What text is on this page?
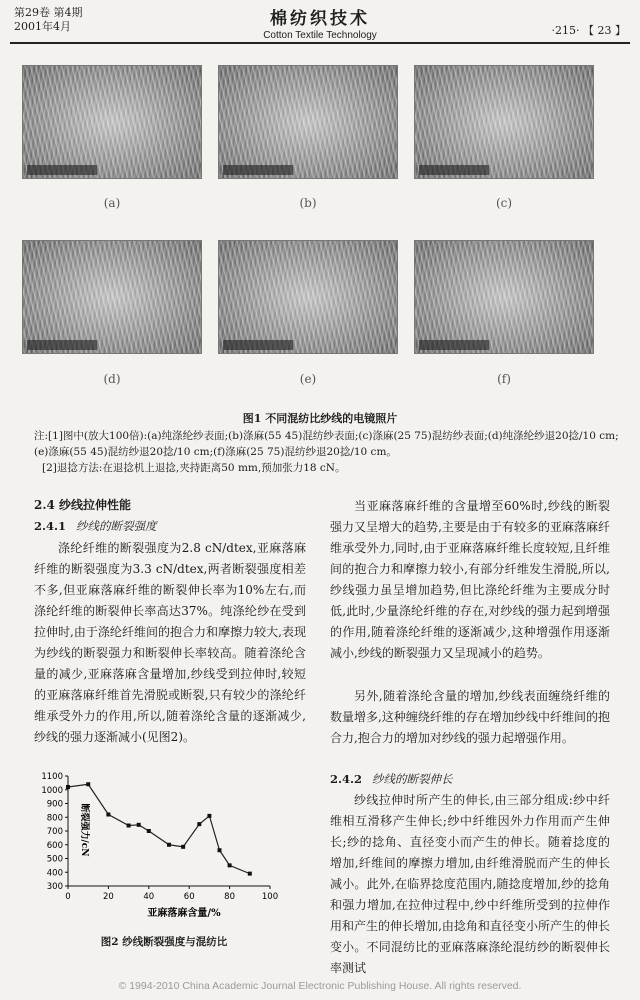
第29卷 第4期
2001年4月	棉纺织技术
Cotton Textile Technology	·215· 【 23 】
(a)	(b)	(c)
(d)	(e)	(f)
图1 不同混纺比纱线的电镜照片
注:[1]图中(放大100倍):(a)纯涤纶纱表面;(b)涤麻(55 45)混纺纱表面;(c)涤麻(25 75)混纺纱表面;(d)纯涤纶纱退20捻/10 cm;(e)涤麻(55 45)混纺纱退20捻/10 cm;(f)涤麻(25 75)混纺纱退20捻/10 cm。
[2]退捻方法:在退捻机上退捻,夹持距离50 mm,预加张力18 cN。
2.4 纱线拉伸性能
2.4.1 纱线的断裂强度
涤纶纤维的断裂强度为2.8 cN/dtex,亚麻落麻纤维的断裂强度为3.3 cN/dtex,两者断裂强度相差不多,但亚麻落麻纤维的断裂伸长率为10%左右,而涤纶纤维的断裂伸长率高达37%。纯涤纶纱在受到拉伸时,由于涤纶纤维间的抱合力和摩擦力较大,表现为纱线的断裂强力和断裂伸长率较高。随着涤纶含量的减少,亚麻落麻含量增加,纱线受到拉伸时,较短的亚麻落麻纤维首先滑脱或断裂,只有较少的涤纶纤维承受外力的作用,所以,随着涤纶含量的逐渐减少,纱线的强力逐渐减小(见图2)。
300
400
500
600
700
800
900
1000
1100
0	20	40	60	80	100
断裂强力/cN
亚麻落麻含量/%
图2 纱线断裂强度与混纺比
当亚麻落麻纤维的含量增至60%时,纱线的断裂强力又呈增大的趋势,主要是由于有较多的亚麻落麻纤维承受外力,同时,由于亚麻落麻纤维长度较短,且纤维间的抱合力和摩擦力较小,有部分纤维发生滑脱,所以,纱线强力虽呈增加趋势,但比涤纶纤维为主要成分时低,此时,少量涤纶纤维的存在,对纱线的强力起到增强的作用,随着涤纶纤维的逐渐减少,这种增强作用逐渐减小,纱线的断裂强力又呈现减小的趋势。
另外,随着涤纶含量的增加,纱线表面缠绕纤维的数量增多,这种缠绕纤维的存在增加纱线中纤维间的抱合力,抱合力的增加对纱线的强力起增强作用。
2.4.2 纱线的断裂伸长
纱线拉伸时所产生的伸长,由三部分组成:纱中纤维相互滑移产生伸长;纱中纤维因外力作用而产生伸长;纱的捻角、直径变小而产生的伸长。随着捻度的增加,纤维间的摩擦力增加,由纤维滑脱而产生的伸长减小。此外,在临界捻度范围内,随捻度增加,纱的捻角和强力增加,在拉伸过程中,纱中纤维所受到的拉伸作用和产生的伸长增加,由捻角和直径变小所产生的伸长变小。不同混纺比的亚麻落麻涤纶混纺纱的断裂伸长率测试
© 1994-2010 China Academic Journal Electronic Publishing House. All rights reserved.
